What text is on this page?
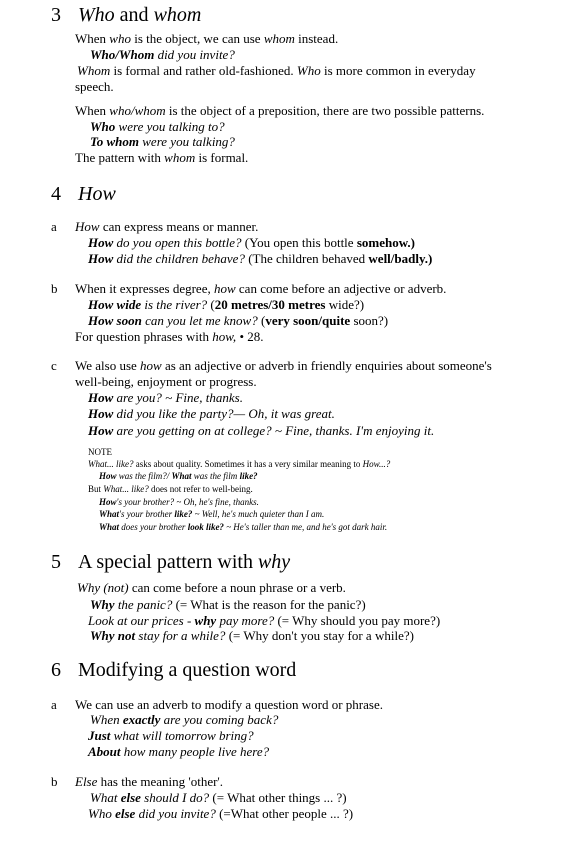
3 Who and whom
When who is the object, we can use whom instead.
Who/Whom did you invite?
Whom is formal and rather old-fashioned. Who is more common in everyday
speech.
When who/whom is the object of a preposition, there are two possible patterns.
Who were you talking to?
To whom were you talking?
The pattern with whom is formal.
4 How
a How can express means or manner.
How do you open this bottle? (You open this bottle somehow.)
How did the children behave? (The children behaved well/badly.)
b When it expresses degree, how can come before an adjective or adverb.
How wide is the river? (20 metres/30 metres wide?)
How soon can you let me know? (very soon/quite soon?)
For question phrases with how, • 28.
c We also use how as an adjective or adverb in friendly enquiries about someone's
well-being, enjoyment or progress.
How are you? ~ Fine, thanks.
How did you like the party?— Oh, it was great.
How are you getting on at college? ~ Fine, thanks. I'm enjoying it.
NOTE
What... like? asks about quality. Sometimes it has a very similar meaning to How...?
How was the film?/ What was the film like?
But What... like? does not refer to well-being.
How's your brother? ~ Oh, he's fine, thanks.
What's your brother like? ~ Well, he's much quieter than I am.
What does your brother look like? ~ He's taller than me, and he's got dark hair.
5 A special pattern with why
Why (not) can come before a noun phrase or a verb.
Why the panic? (= What is the reason for the panic?)
Look at our prices - why pay more? (= Why should you pay more?)
Why not stay for a while? (= Why don't you stay for a while?)
6 Modifying a question word
a We can use an adverb to modify a question word or phrase.
When exactly are you coming back?
Just what will tomorrow bring?
About how many people live here?
b Else has the meaning 'other'.
What else should I do? (= What other things ... ?)
Who else did you invite? (=What other people ... ?)
